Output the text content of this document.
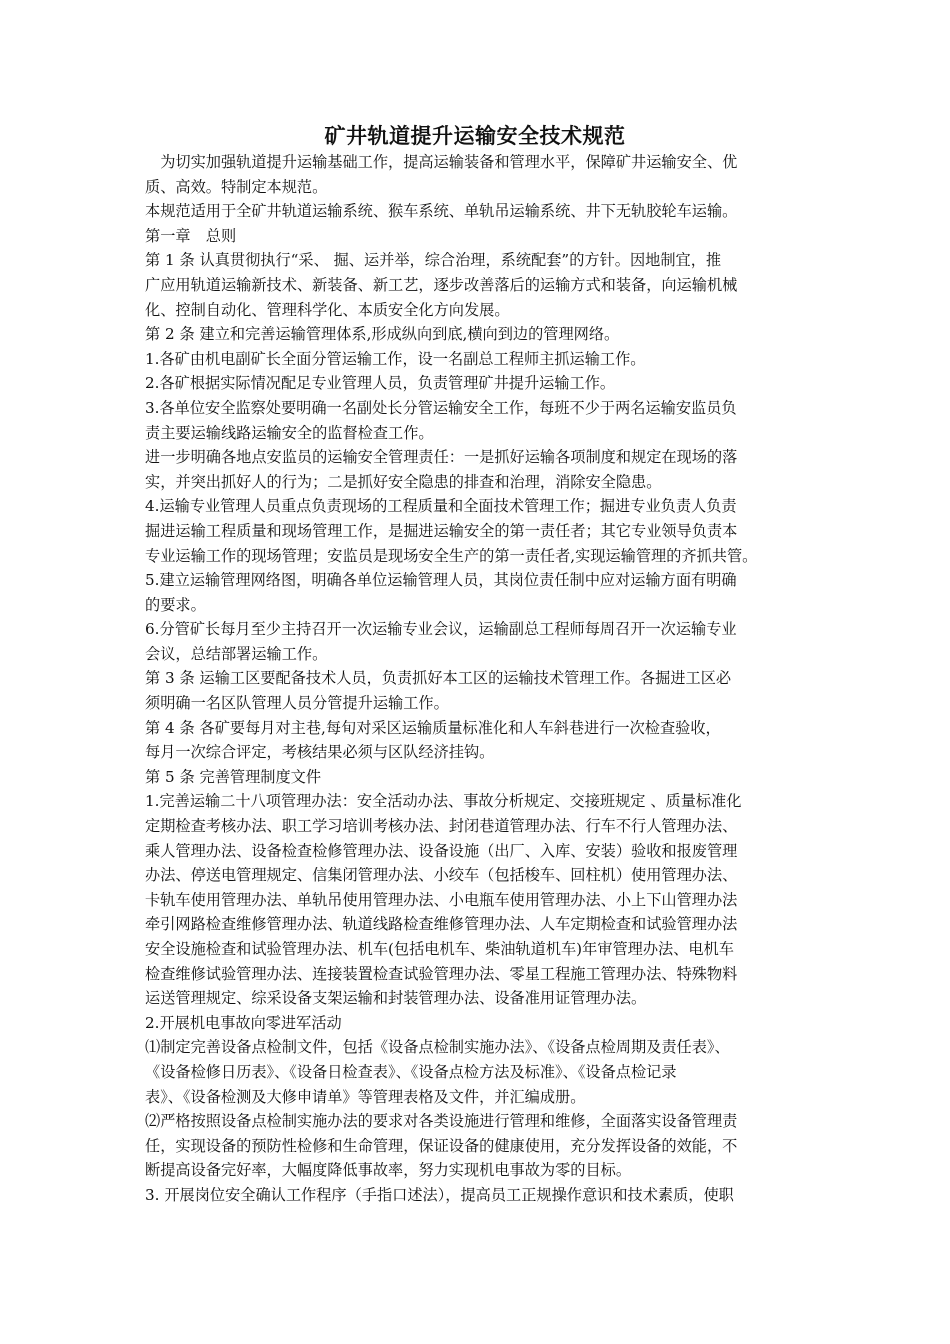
矿井轨道提升运输安全技术规范
　为切实加强轨道提升运输基础工作，提高运输装备和管理水平，保障矿井运输安全、优
质、高效。特制定本规范。
本规范适用于全矿井轨道运输系统、猴车系统、单轨吊运输系统、井下无轨胶轮车运输。
第一章　总则
第 1 条 认真贯彻执行“采、 掘、运并举，综合治理，系统配套”的方针。因地制宜，推
广应用轨道运输新技术、新装备、新工艺，逐步改善落后的运输方式和装备，向运输机械
化、控制自动化、管理科学化、本质安全化方向发展。
第 2 条 建立和完善运输管理体系,形成纵向到底,横向到边的管理网络。
1.各矿由机电副矿长全面分管运输工作，设一名副总工程师主抓运输工作。
2.各矿根据实际情况配足专业管理人员，负责管理矿井提升运输工作。
3.各单位安全监察处要明确一名副处长分管运输安全工作，每班不少于两名运输安监员负
责主要运输线路运输安全的监督检查工作。
进一步明确各地点安监员的运输安全管理责任：一是抓好运输各项制度和规定在现场的落
实，并突出抓好人的行为；二是抓好安全隐患的排查和治理，消除安全隐患。
4.运输专业管理人员重点负责现场的工程质量和全面技术管理工作；掘进专业负责人负责
掘进运输工程质量和现场管理工作，是掘进运输安全的第一责任者；其它专业领导负责本
专业运输工作的现场管理；安监员是现场安全生产的第一责任者,实现运输管理的齐抓共管。
5.建立运输管理网络图，明确各单位运输管理人员，其岗位责任制中应对运输方面有明确
的要求。
6.分管矿长每月至少主持召开一次运输专业会议，运输副总工程师每周召开一次运输专业
会议，总结部署运输工作。
第 3 条 运输工区要配备技术人员，负责抓好本工区的运输技术管理工作。各掘进工区必
须明确一名区队管理人员分管提升运输工作。
第 4 条 各矿要每月对主巷,每旬对采区运输质量标准化和人车斜巷进行一次检查验收，
每月一次综合评定，考核结果必须与区队经济挂钩。
第 5 条 完善管理制度文件
1.完善运输二十八项管理办法：安全活动办法、事故分析规定、交接班规定 、质量标准化
定期检查考核办法、职工学习培训考核办法、封闭巷道管理办法、行车不行人管理办法、
乘人管理办法、设备检查检修管理办法、设备设施（出厂、入库、安装）验收和报废管理
办法、停送电管理规定、信集闭管理办法、小绞车（包括梭车、回柱机）使用管理办法、
卡轨车使用管理办法、单轨吊使用管理办法、小电瓶车使用管理办法、小上下山管理办法
牵引网路检查维修管理办法、轨道线路检查维修管理办法、人车定期检查和试验管理办法
安全设施检查和试验管理办法、机车(包括电机车、柴油轨道机车)年审管理办法、电机车
检查维修试验管理办法、连接装置检查试验管理办法、零星工程施工管理办法、特殊物料
运送管理规定、综采设备支架运输和封装管理办法、设备准用证管理办法。
2.开展机电事故向零进军活动
⑴制定完善设备点检制文件，包括《设备点检制实施办法》、《设备点检周期及责任表》、
《设备检修日历表》、《设备日检查表》、《设备点检方法及标准》、《设备点检记录
表》、《设备检测及大修申请单》等管理表格及文件，并汇编成册。
⑵严格按照设备点检制实施办法的要求对各类设施进行管理和维修，全面落实设备管理责
任，实现设备的预防性检修和生命管理，保证设备的健康使用，充分发挥设备的效能，不
断提高设备完好率，大幅度降低事故率，努力实现机电事故为零的目标。
3. 开展岗位安全确认工作程序（手指口述法），提高员工正规操作意识和技术素质，使职
